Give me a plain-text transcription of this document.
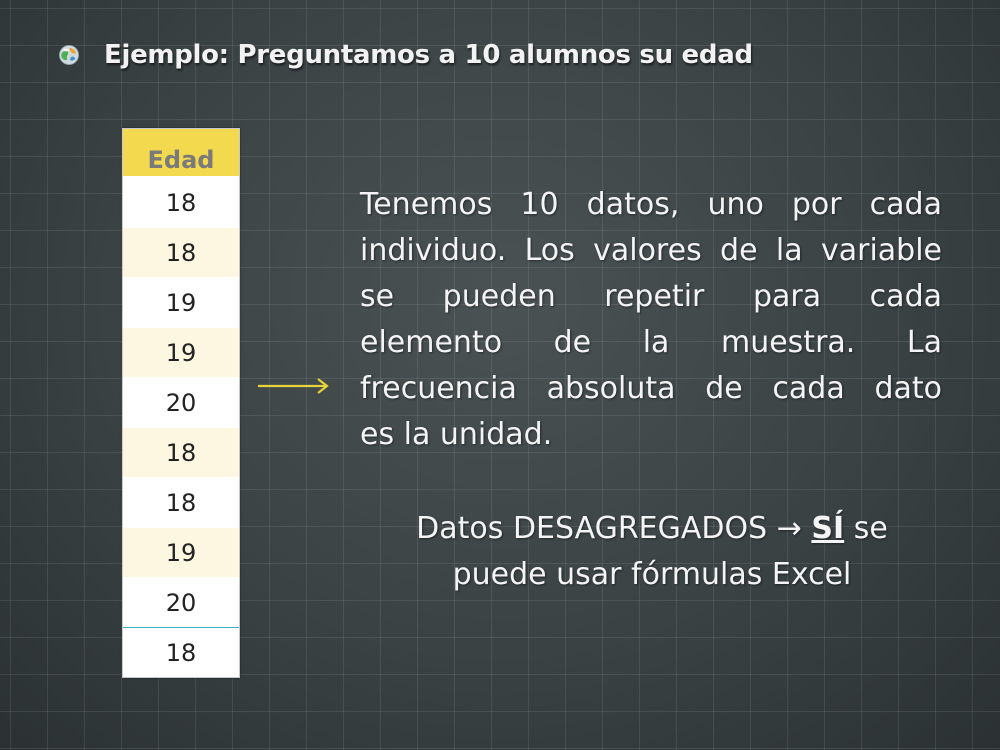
Ejemplo: Preguntamos a 10 alumnos su edad
Edad
18
18
19
19
20
18
18
19
20
18
Tenemos 10 datos, uno por cada
individuo. Los valores de la variable
se pueden repetir para cada
elemento de la muestra. La
frecuencia absoluta de cada dato
es la unidad.
Datos DESAGREGADOS → SÍ se
puede usar fórmulas Excel
